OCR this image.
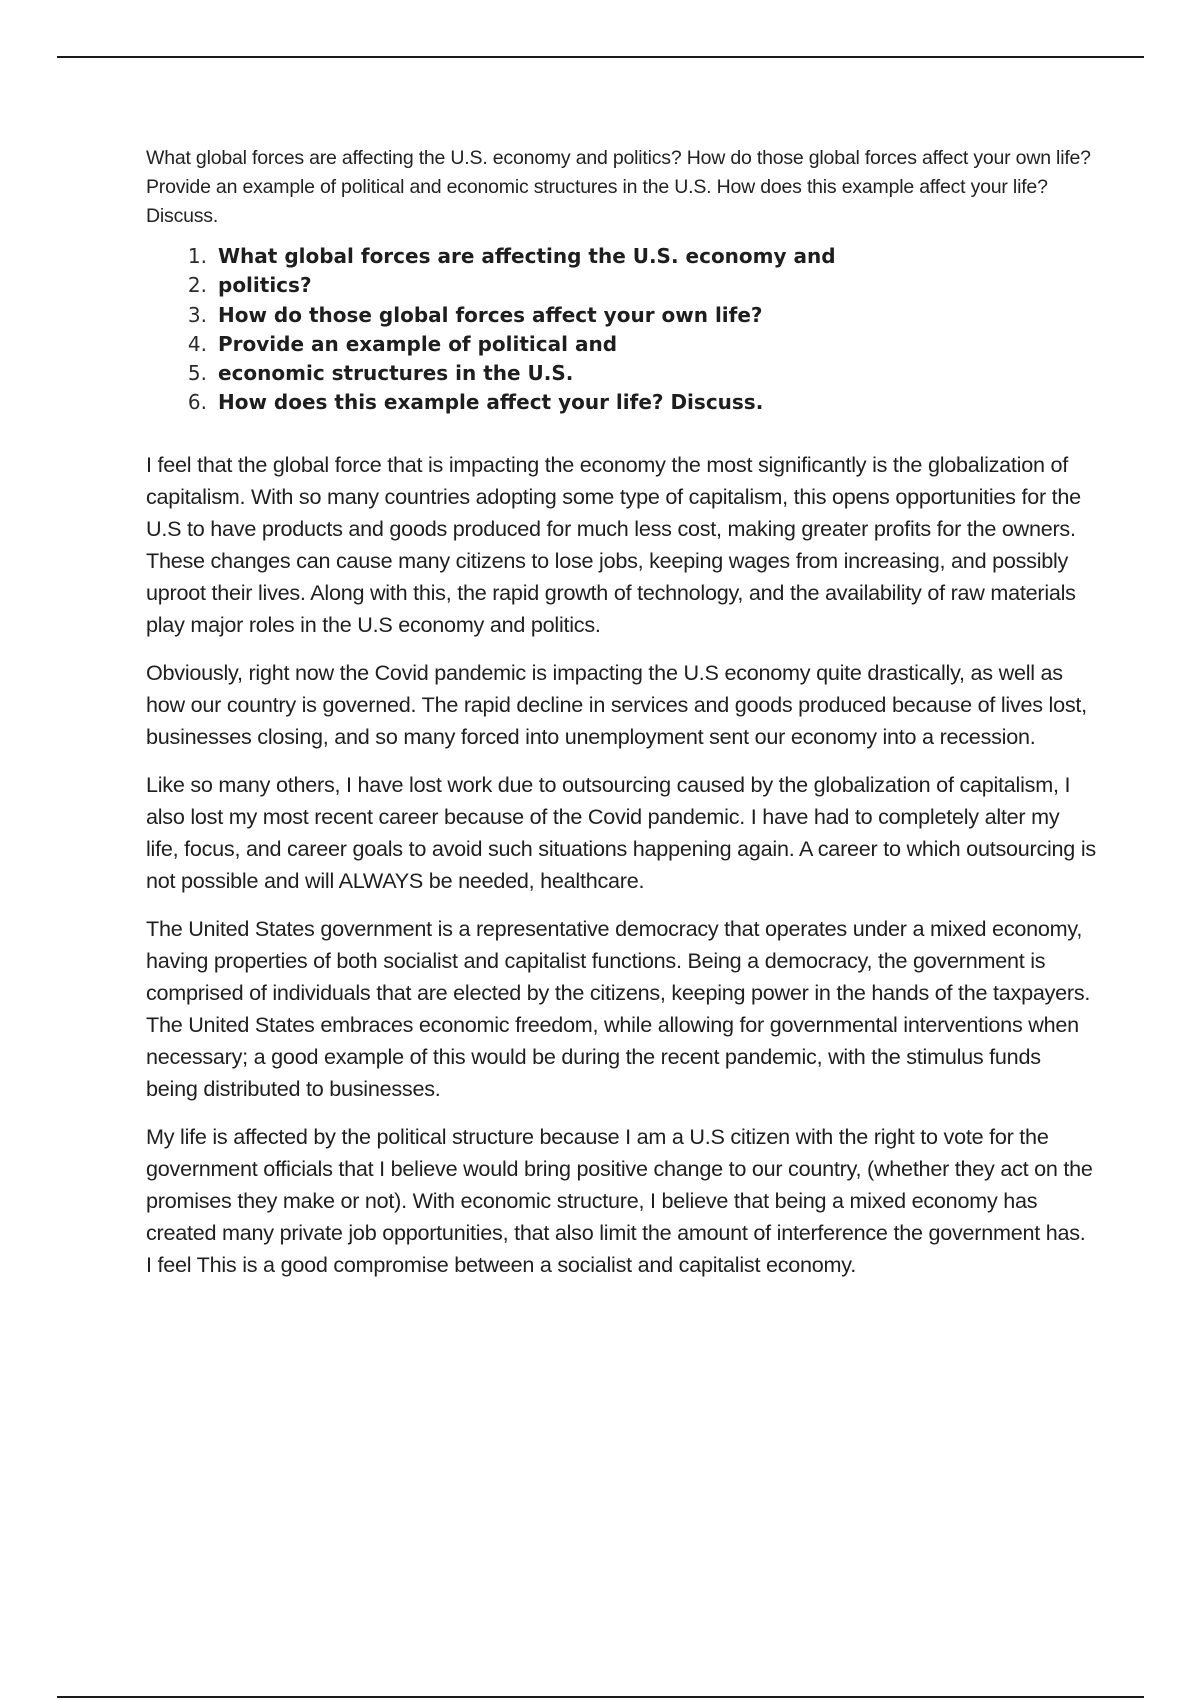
What global forces are affecting the U.S. economy and politics? How do those global forces affect your own life? Provide an example of political and economic structures in the U.S. How does this example affect your life? Discuss.

1. What global forces are affecting the U.S. economy and
2. politics?
3. How do those global forces affect your own life?
4. Provide an example of political and
5. economic structures in the U.S.
6. How does this example affect your life? Discuss.

I feel that the global force that is impacting the economy the most significantly is the globalization of capitalism. With so many countries adopting some type of capitalism, this opens opportunities for the U.S to have products and goods produced for much less cost, making greater profits for the owners. These changes can cause many citizens to lose jobs, keeping wages from increasing, and possibly uproot their lives. Along with this, the rapid growth of technology, and the availability of raw materials play major roles in the U.S economy and politics.

Obviously, right now the Covid pandemic is impacting the U.S economy quite drastically, as well as how our country is governed. The rapid decline in services and goods produced because of lives lost, businesses closing, and so many forced into unemployment sent our economy into a recession.

Like so many others, I have lost work due to outsourcing caused by the globalization of capitalism, I also lost my most recent career because of the Covid pandemic. I have had to completely alter my life, focus, and career goals to avoid such situations happening again. A career to which outsourcing is not possible and will ALWAYS be needed, healthcare.

The United States government is a representative democracy that operates under a mixed economy, having properties of both socialist and capitalist functions. Being a democracy, the government is comprised of individuals that are elected by the citizens, keeping power in the hands of the taxpayers. The United States embraces economic freedom, while allowing for governmental interventions when necessary; a good example of this would be during the recent pandemic, with the stimulus funds being distributed to businesses.

My life is affected by the political structure because I am a U.S citizen with the right to vote for the government officials that I believe would bring positive change to our country, (whether they act on the promises they make or not). With economic structure, I believe that being a mixed economy has created many private job opportunities, that also limit the amount of interference the government has. I feel This is a good compromise between a socialist and capitalist economy.
